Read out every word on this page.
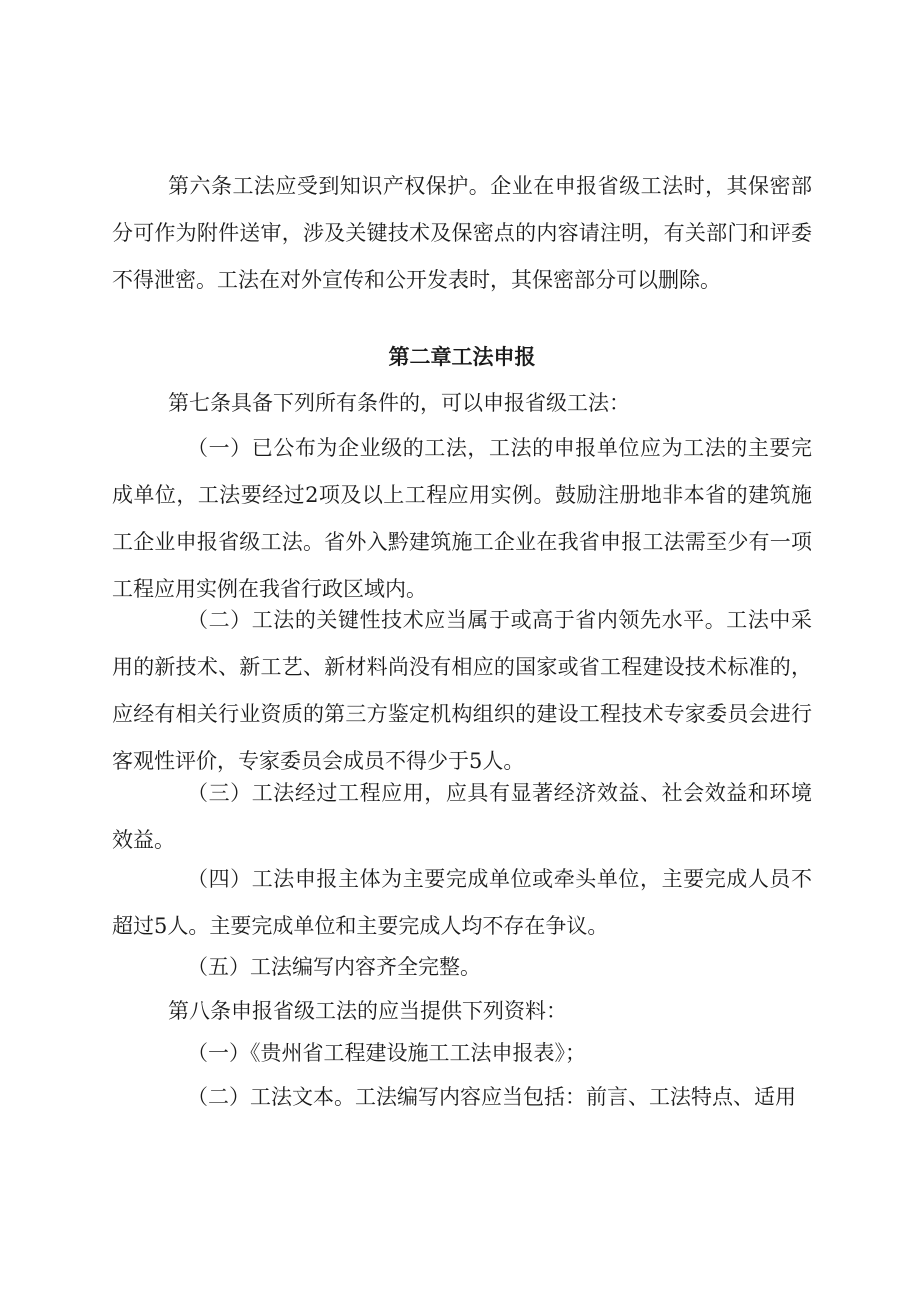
第六条工法应受到知识产权保护。企业在申报省级工法时，其保密部分可作为附件送审，涉及关键技术及保密点的内容请注明，有关部门和评委不得泄密。工法在对外宣传和公开发表时，其保密部分可以删除。

第二章工法申报

第七条具备下列所有条件的，可以申报省级工法：

（一）已公布为企业级的工法，工法的申报单位应为工法的主要完成单位，工法要经过2项及以上工程应用实例。鼓励注册地非本省的建筑施工企业申报省级工法。省外入黔建筑施工企业在我省申报工法需至少有一项工程应用实例在我省行政区域内。

（二）工法的关键性技术应当属于或高于省内领先水平。工法中采用的新技术、新工艺、新材料尚没有相应的国家或省工程建设技术标准的，应经有相关行业资质的第三方鉴定机构组织的建设工程技术专家委员会进行客观性评价，专家委员会成员不得少于5人。

（三）工法经过工程应用，应具有显著经济效益、社会效益和环境效益。

（四）工法申报主体为主要完成单位或牵头单位，主要完成人员不超过5人。主要完成单位和主要完成人均不存在争议。

（五）工法编写内容齐全完整。

第八条申报省级工法的应当提供下列资料：

（一）《贵州省工程建设施工工法申报表》；

（二）工法文本。工法编写内容应当包括：前言、工法特点、适用
